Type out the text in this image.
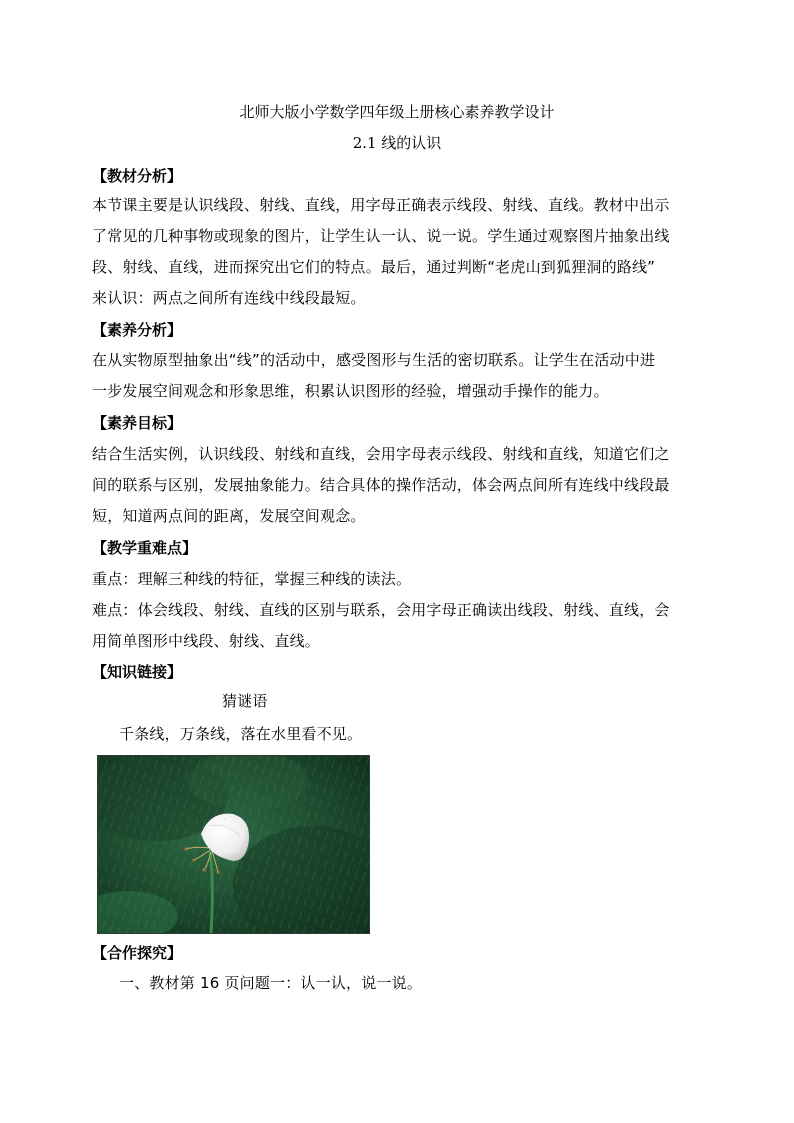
北师大版小学数学四年级上册核心素养教学设计
2.1 线的认识
【教材分析】
本节课主要是认识线段、射线、直线，用字母正确表示线段、射线、直线。教材中出示
了常见的几种事物或现象的图片，让学生认一认、说一说。学生通过观察图片抽象出线
段、射线、直线，进而探究出它们的特点。最后，通过判断“老虎山到狐狸洞的路线”
来认识：两点之间所有连线中线段最短。
【素养分析】
在从实物原型抽象出“线”的活动中，感受图形与生活的密切联系。让学生在活动中进
一步发展空间观念和形象思维，积累认识图形的经验，增强动手操作的能力。
【素养目标】
结合生活实例，认识线段、射线和直线，会用字母表示线段、射线和直线，知道它们之
间的联系与区别，发展抽象能力。结合具体的操作活动，体会两点间所有连线中线段最
短，知道两点间的距离，发展空间观念。
【教学重难点】
重点：理解三种线的特征，掌握三种线的读法。
难点：体会线段、射线、直线的区别与联系，会用字母正确读出线段、射线、直线，会
用简单图形中线段、射线、直线。
【知识链接】
猜谜语
千条线，万条线，落在水里看不见。
【合作探究】
一、教材第 16 页问题一：认一认，说一说。
